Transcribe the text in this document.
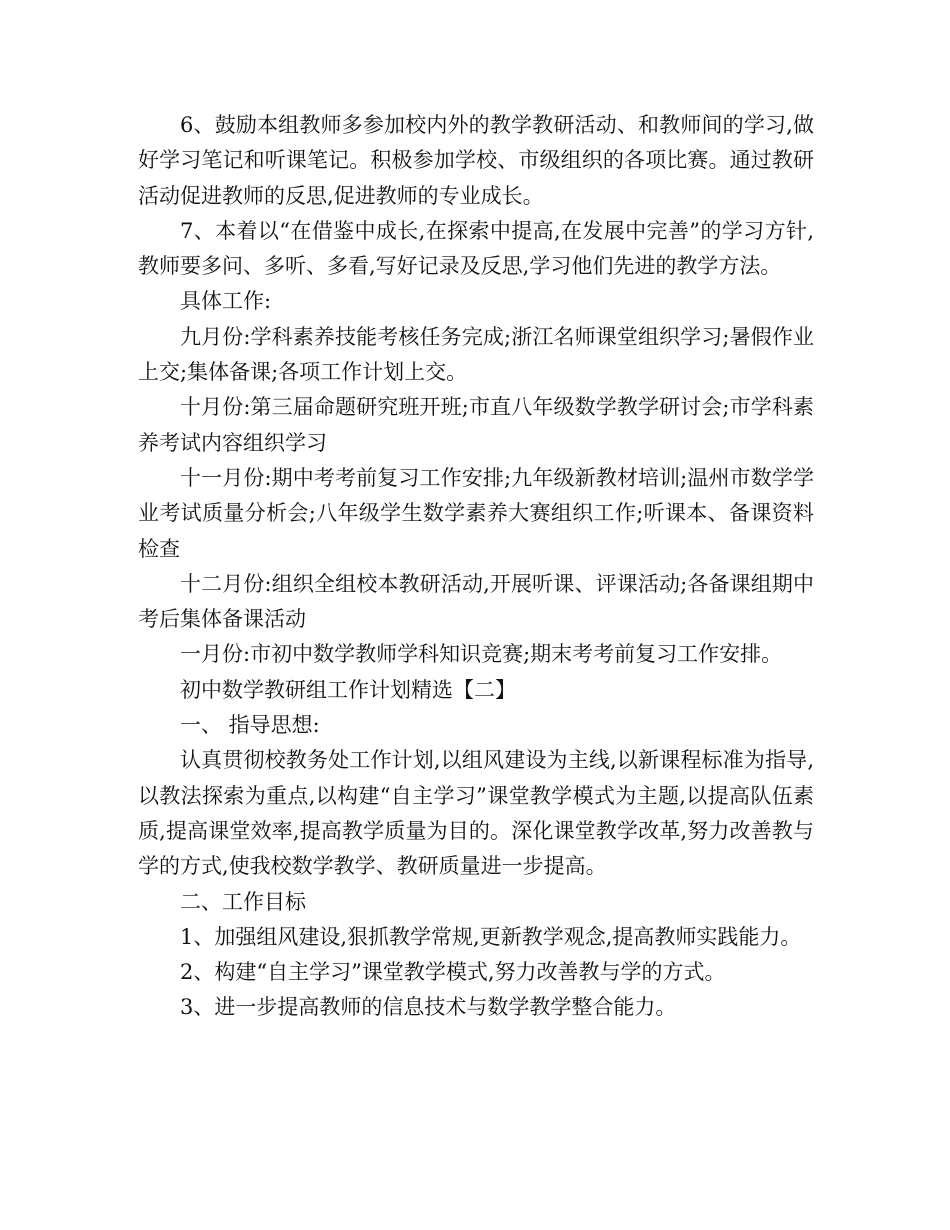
6、鼓励本组教师多参加校内外的教学教研活动、和教师间的学习,做好学习笔记和听课笔记。积极参加学校、市级组织的各项比赛。通过教研活动促进教师的反思,促进教师的专业成长。

7、本着以“在借鉴中成长,在探索中提高,在发展中完善”的学习方针,教师要多问、多听、多看,写好记录及反思,学习他们先进的教学方法。

具体工作:

九月份:学科素养技能考核任务完成;浙江名师课堂组织学习;暑假作业上交;集体备课;各项工作计划上交。

十月份:第三届命题研究班开班;市直八年级数学教学研讨会;市学科素养考试内容组织学习

十一月份:期中考考前复习工作安排;九年级新教材培训;温州市数学学业考试质量分析会;八年级学生数学素养大赛组织工作;听课本、备课资料检查

十二月份:组织全组校本教研活动,开展听课、评课活动;各备课组期中考后集体备课活动

一月份:市初中数学教师学科知识竞赛;期末考考前复习工作安排。

初中数学教研组工作计划精选【二】

一、 指导思想:

认真贯彻校教务处工作计划,以组风建设为主线,以新课程标准为指导,以教法探索为重点,以构建“自主学习”课堂教学模式为主题,以提高队伍素质,提高课堂效率,提高教学质量为目的。深化课堂教学改革,努力改善教与学的方式,使我校数学教学、教研质量进一步提高。

二、工作目标

1、加强组风建设,狠抓教学常规,更新教学观念,提高教师实践能力。

2、构建“自主学习”课堂教学模式,努力改善教与学的方式。

3、进一步提高教师的信息技术与数学教学整合能力。
